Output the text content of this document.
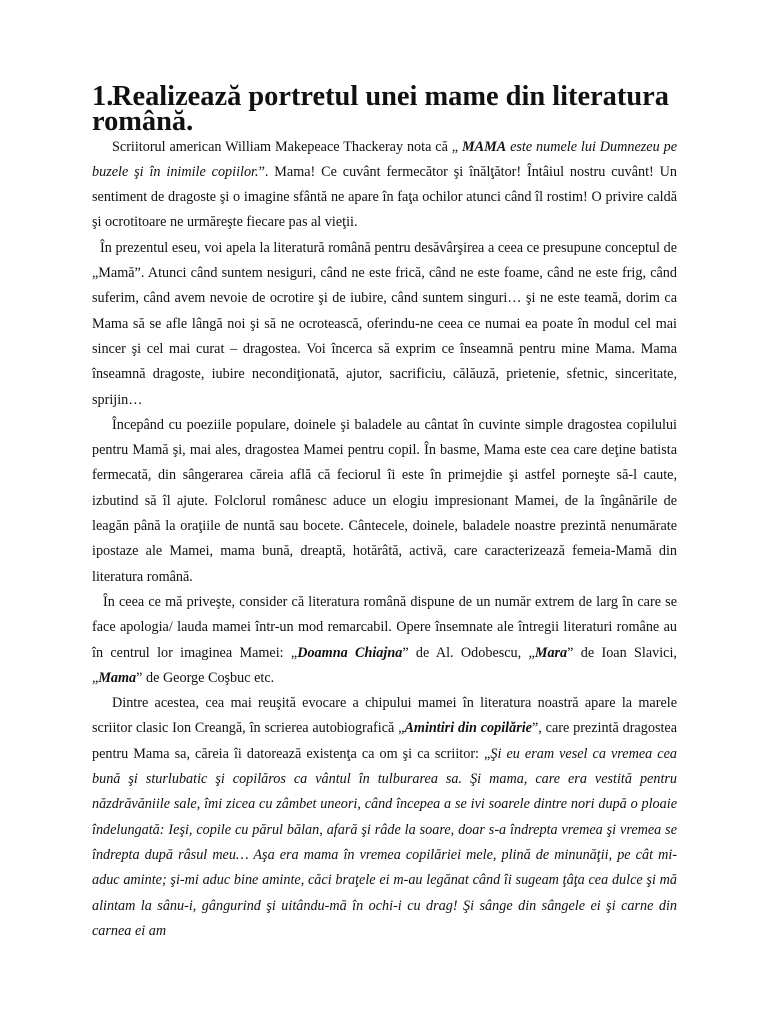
1.Realizează portretul unei mame din literatura română.

Scriitorul american William Makepeace Thackeray nota că „ MAMA este numele lui Dumnezeu pe buzele şi în inimile copiilor.”. Mama! Ce cuvânt fermecător şi înălţător! Întâiul nostru cuvânt! Un sentiment de dragoste şi o imagine sfântă ne apare în faţa ochilor atunci când îl rostim! O privire caldă şi ocrotitoare ne urmăreşte fiecare pas al vieţii.

În prezentul eseu, voi apela la literatură română pentru desăvârşirea a ceea ce presupune conceptul de „Mamă”. Atunci când suntem nesiguri, când ne este frică, când ne este foame, când ne este frig, când suferim, când avem nevoie de ocrotire şi de iubire, când suntem singuri… şi ne este teamă, dorim ca Mama să se afle lângă noi şi să ne ocrotească, oferindu-ne ceea ce numai ea poate în modul cel mai sincer şi cel mai curat – dragostea. Voi încerca să exprim ce înseamnă pentru mine Mama. Mama înseamnă dragoste, iubire necondiţionată, ajutor, sacrificiu, călăuză, prietenie, sfetnic, sinceritate, sprijin…

Începând cu poeziile populare, doinele şi baladele au cântat în cuvinte simple dragostea copilului pentru Mamă şi, mai ales, dragostea Mamei pentru copil. În basme, Mama este cea care deţine batista fermecată, din sângerarea căreia află că feciorul îi este în primejdie şi astfel porneşte să-l caute, izbutind să îl ajute. Folclorul românesc aduce un elogiu impresionant Mamei, de la îngânările de leagăn până la oraţiile de nuntă sau bocete. Cântecele, doinele, baladele noastre prezintă nenumărate ipostaze ale Mamei, mama bună, dreaptă, hotărâtă, activă, care caracterizează femeia-Mamă din literatura română.

În ceea ce mă priveşte, consider că literatura română dispune de un număr extrem de larg în care se face apologia/ lauda mamei într-un mod remarcabil. Opere însemnate ale întregii literaturi române au în centrul lor imaginea Mamei: „Doamna Chiajna” de Al. Odobescu, „Mara” de Ioan Slavici, „Mama” de George Coşbuc etc.

Dintre acestea, cea mai reuşită evocare a chipului mamei în literatura noastră apare la marele scriitor clasic Ion Creangă, în scrierea autobiografică „Amintiri din copilărie”, care prezintă dragostea pentru Mama sa, căreia îi datorează existenţa ca om şi ca scriitor: „Şi eu eram vesel ca vremea cea bună şi sturlubatic şi copilăros ca vântul în tulburarea sa. Şi mama, care era vestită pentru năzdrăvăniile sale, îmi zicea cu zâmbet uneori, când începea a se ivi soarele dintre nori după o ploaie îndelungată: Ieşi, copile cu părul bălan, afară şi râde la soare, doar s-a îndrepta vremea şi vremea se îndrepta după râsul meu… Aşa era mama în vremea copilăriei mele, plină de minunăţii, pe cât mi-aduc aminte; şi-mi aduc bine aminte, căci braţele ei m-au legănat când îi sugeam ţâţa cea dulce şi mă alintam la sânu-i, gângurind şi uitându-mă în ochi-i cu drag! Şi sânge din sângele ei şi carne din carnea ei am
